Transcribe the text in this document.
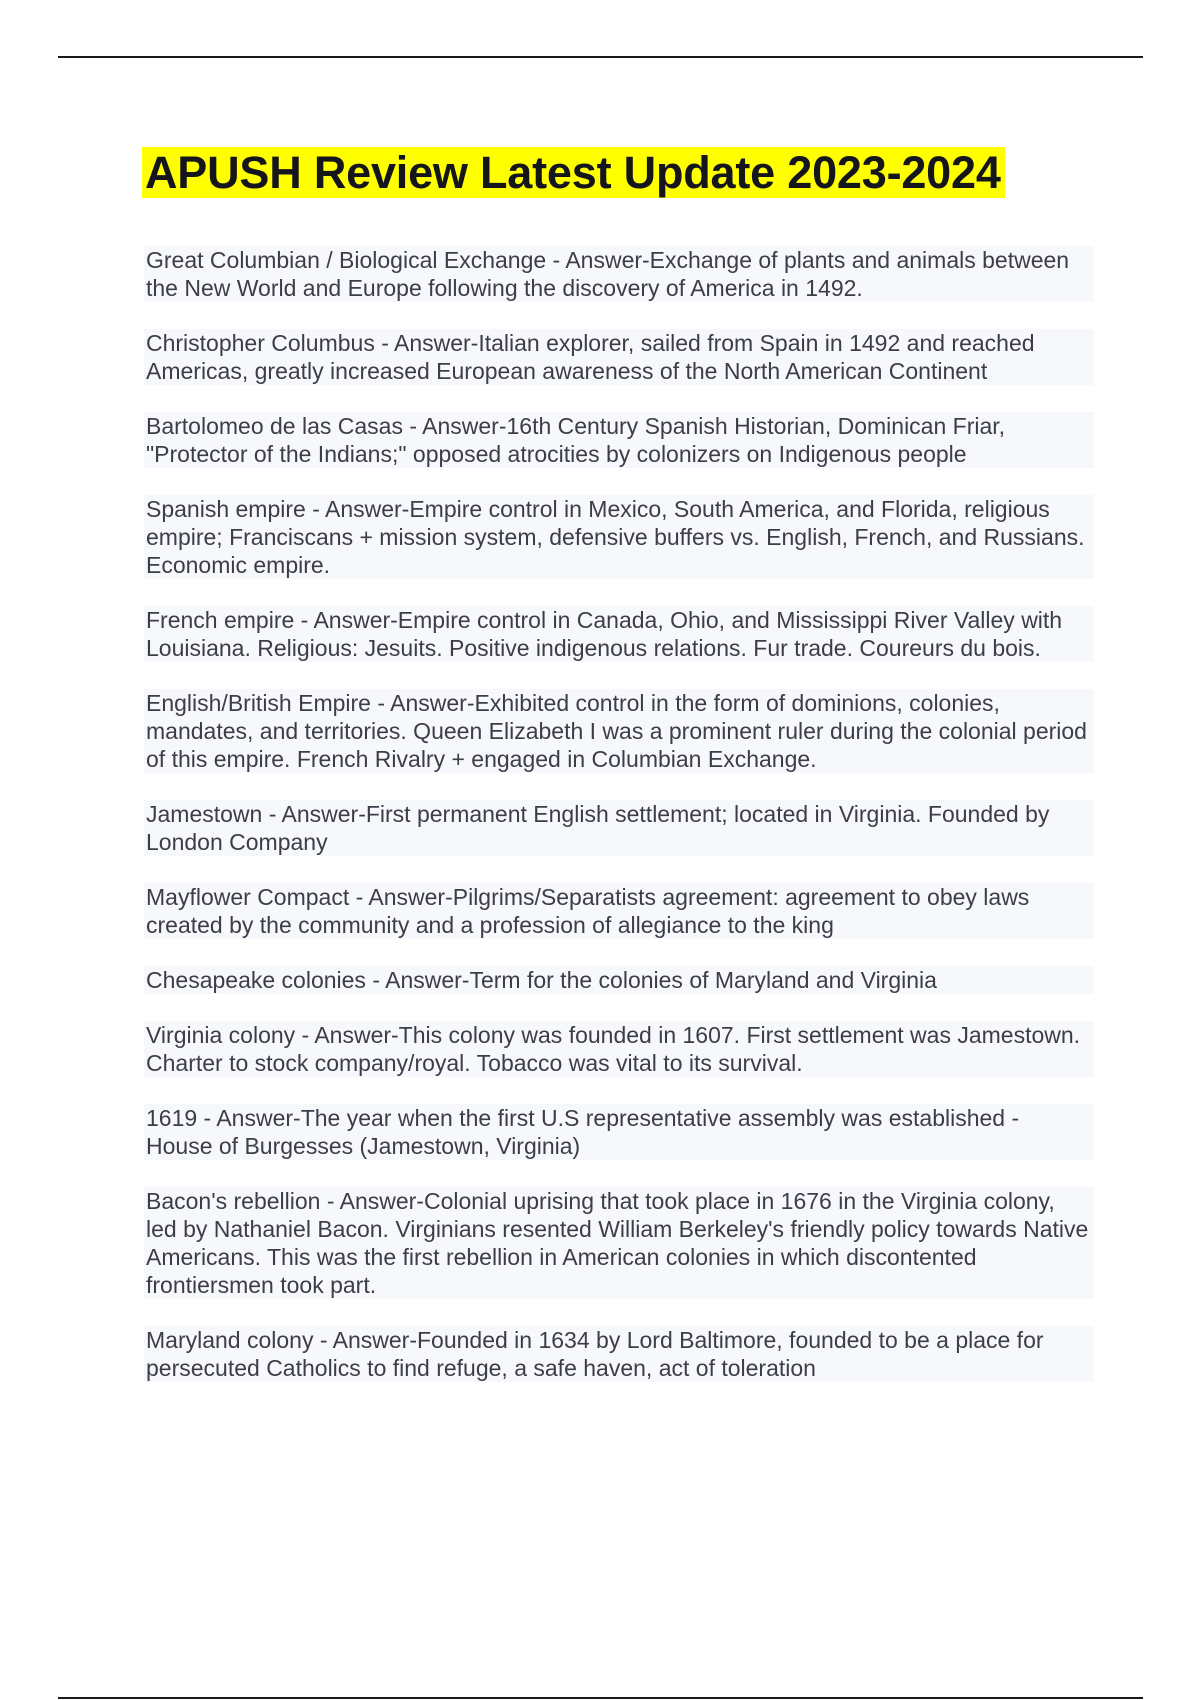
APUSH Review Latest Update 2023-2024

Great Columbian / Biological Exchange - Answer-Exchange of plants and animals between the New World and Europe following the discovery of America in 1492.

Christopher Columbus - Answer-Italian explorer, sailed from Spain in 1492 and reached Americas, greatly increased European awareness of the North American Continent

Bartolomeo de las Casas - Answer-16th Century Spanish Historian, Dominican Friar, "Protector of the Indians;" opposed atrocities by colonizers on Indigenous people

Spanish empire - Answer-Empire control in Mexico, South America, and Florida, religious empire; Franciscans + mission system, defensive buffers vs. English, French, and Russians. Economic empire.

French empire - Answer-Empire control in Canada, Ohio, and Mississippi River Valley with Louisiana. Religious: Jesuits. Positive indigenous relations. Fur trade. Coureurs du bois.

English/British Empire - Answer-Exhibited control in the form of dominions, colonies, mandates, and territories. Queen Elizabeth I was a prominent ruler during the colonial period of this empire. French Rivalry + engaged in Columbian Exchange.

Jamestown - Answer-First permanent English settlement; located in Virginia. Founded by London Company

Mayflower Compact - Answer-Pilgrims/Separatists agreement: agreement to obey laws created by the community and a profession of allegiance to the king

Chesapeake colonies - Answer-Term for the colonies of Maryland and Virginia

Virginia colony - Answer-This colony was founded in 1607. First settlement was Jamestown. Charter to stock company/royal. Tobacco was vital to its survival.

1619 - Answer-The year when the first U.S representative assembly was established - House of Burgesses (Jamestown, Virginia)

Bacon's rebellion - Answer-Colonial uprising that took place in 1676 in the Virginia colony, led by Nathaniel Bacon. Virginians resented William Berkeley's friendly policy towards Native Americans. This was the first rebellion in American colonies in which discontented frontiersmen took part.

Maryland colony - Answer-Founded in 1634 by Lord Baltimore, founded to be a place for persecuted Catholics to find refuge, a safe haven, act of toleration
